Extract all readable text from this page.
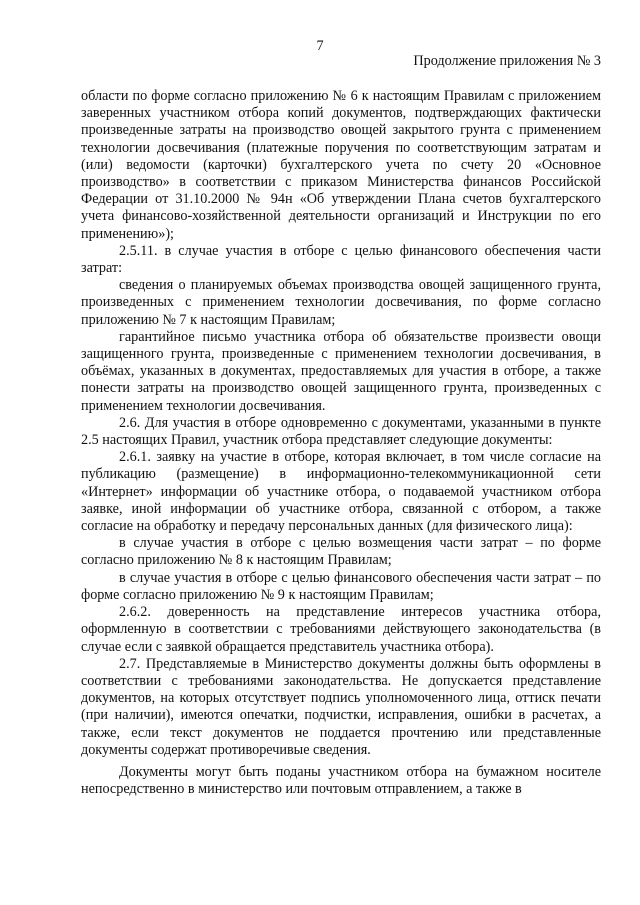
7
Продолжение приложения № 3

области по форме согласно приложению № 6 к настоящим Правилам с приложением заверенных участником отбора копий документов, подтверждающих фактически произведенные затраты на производство овощей закрытого грунта с применением технологии досвечивания (платежные поручения по соответствующим затратам и (или) ведомости (карточки) бухгалтерского учета по счету 20 «Основное производство» в соответствии с приказом Министерства финансов Российской Федерации от 31.10.2000 № 94н «Об утверждении Плана счетов бухгалтерского учета финансово-хозяйственной деятельности организаций и Инструкции по его применению»);

2.5.11. в случае участия в отборе с целью финансового обеспечения части затрат:

сведения о планируемых объемах производства овощей защищенного грунта, произведенных с применением технологии досвечивания, по форме согласно приложению № 7 к настоящим Правилам;

гарантийное письмо участника отбора об обязательстве произвести овощи защищенного грунта, произведенные с применением технологии досвечивания, в объёмах, указанных в документах, предоставляемых для участия в отборе, а также понести затраты на производство овощей защищенного грунта, произведенных с применением технологии досвечивания.

2.6. Для участия в отборе одновременно с документами, указанными в пункте 2.5 настоящих Правил, участник отбора представляет следующие документы:

2.6.1. заявку на участие в отборе, которая включает, в том числе согласие на публикацию (размещение) в информационно-телекоммуникационной сети «Интернет» информации об участнике отбора, о подаваемой участником отбора заявке, иной информации об участнике отбора, связанной с отбором, а также согласие на обработку и передачу персональных данных (для физического лица):

в случае участия в отборе с целью возмещения части затрат – по форме согласно приложению № 8 к настоящим Правилам;

в случае участия в отборе с целью финансового обеспечения части затрат – по форме согласно приложению № 9 к настоящим Правилам;

2.6.2. доверенность на представление интересов участника отбора, оформленную в соответствии с требованиями действующего законодательства (в случае если с заявкой обращается представитель участника отбора).

2.7. Представляемые в Министерство документы должны быть оформлены в соответствии с требованиями законодательства. Не допускается представление документов, на которых отсутствует подпись уполномоченного лица, оттиск печати (при наличии), имеются опечатки, подчистки, исправления, ошибки в расчетах, а также, если текст документов не поддается прочтению или представленные документы содержат противоречивые сведения.

Документы могут быть поданы участником отбора на бумажном носителе непосредственно в министерство или почтовым отправлением, а также в
